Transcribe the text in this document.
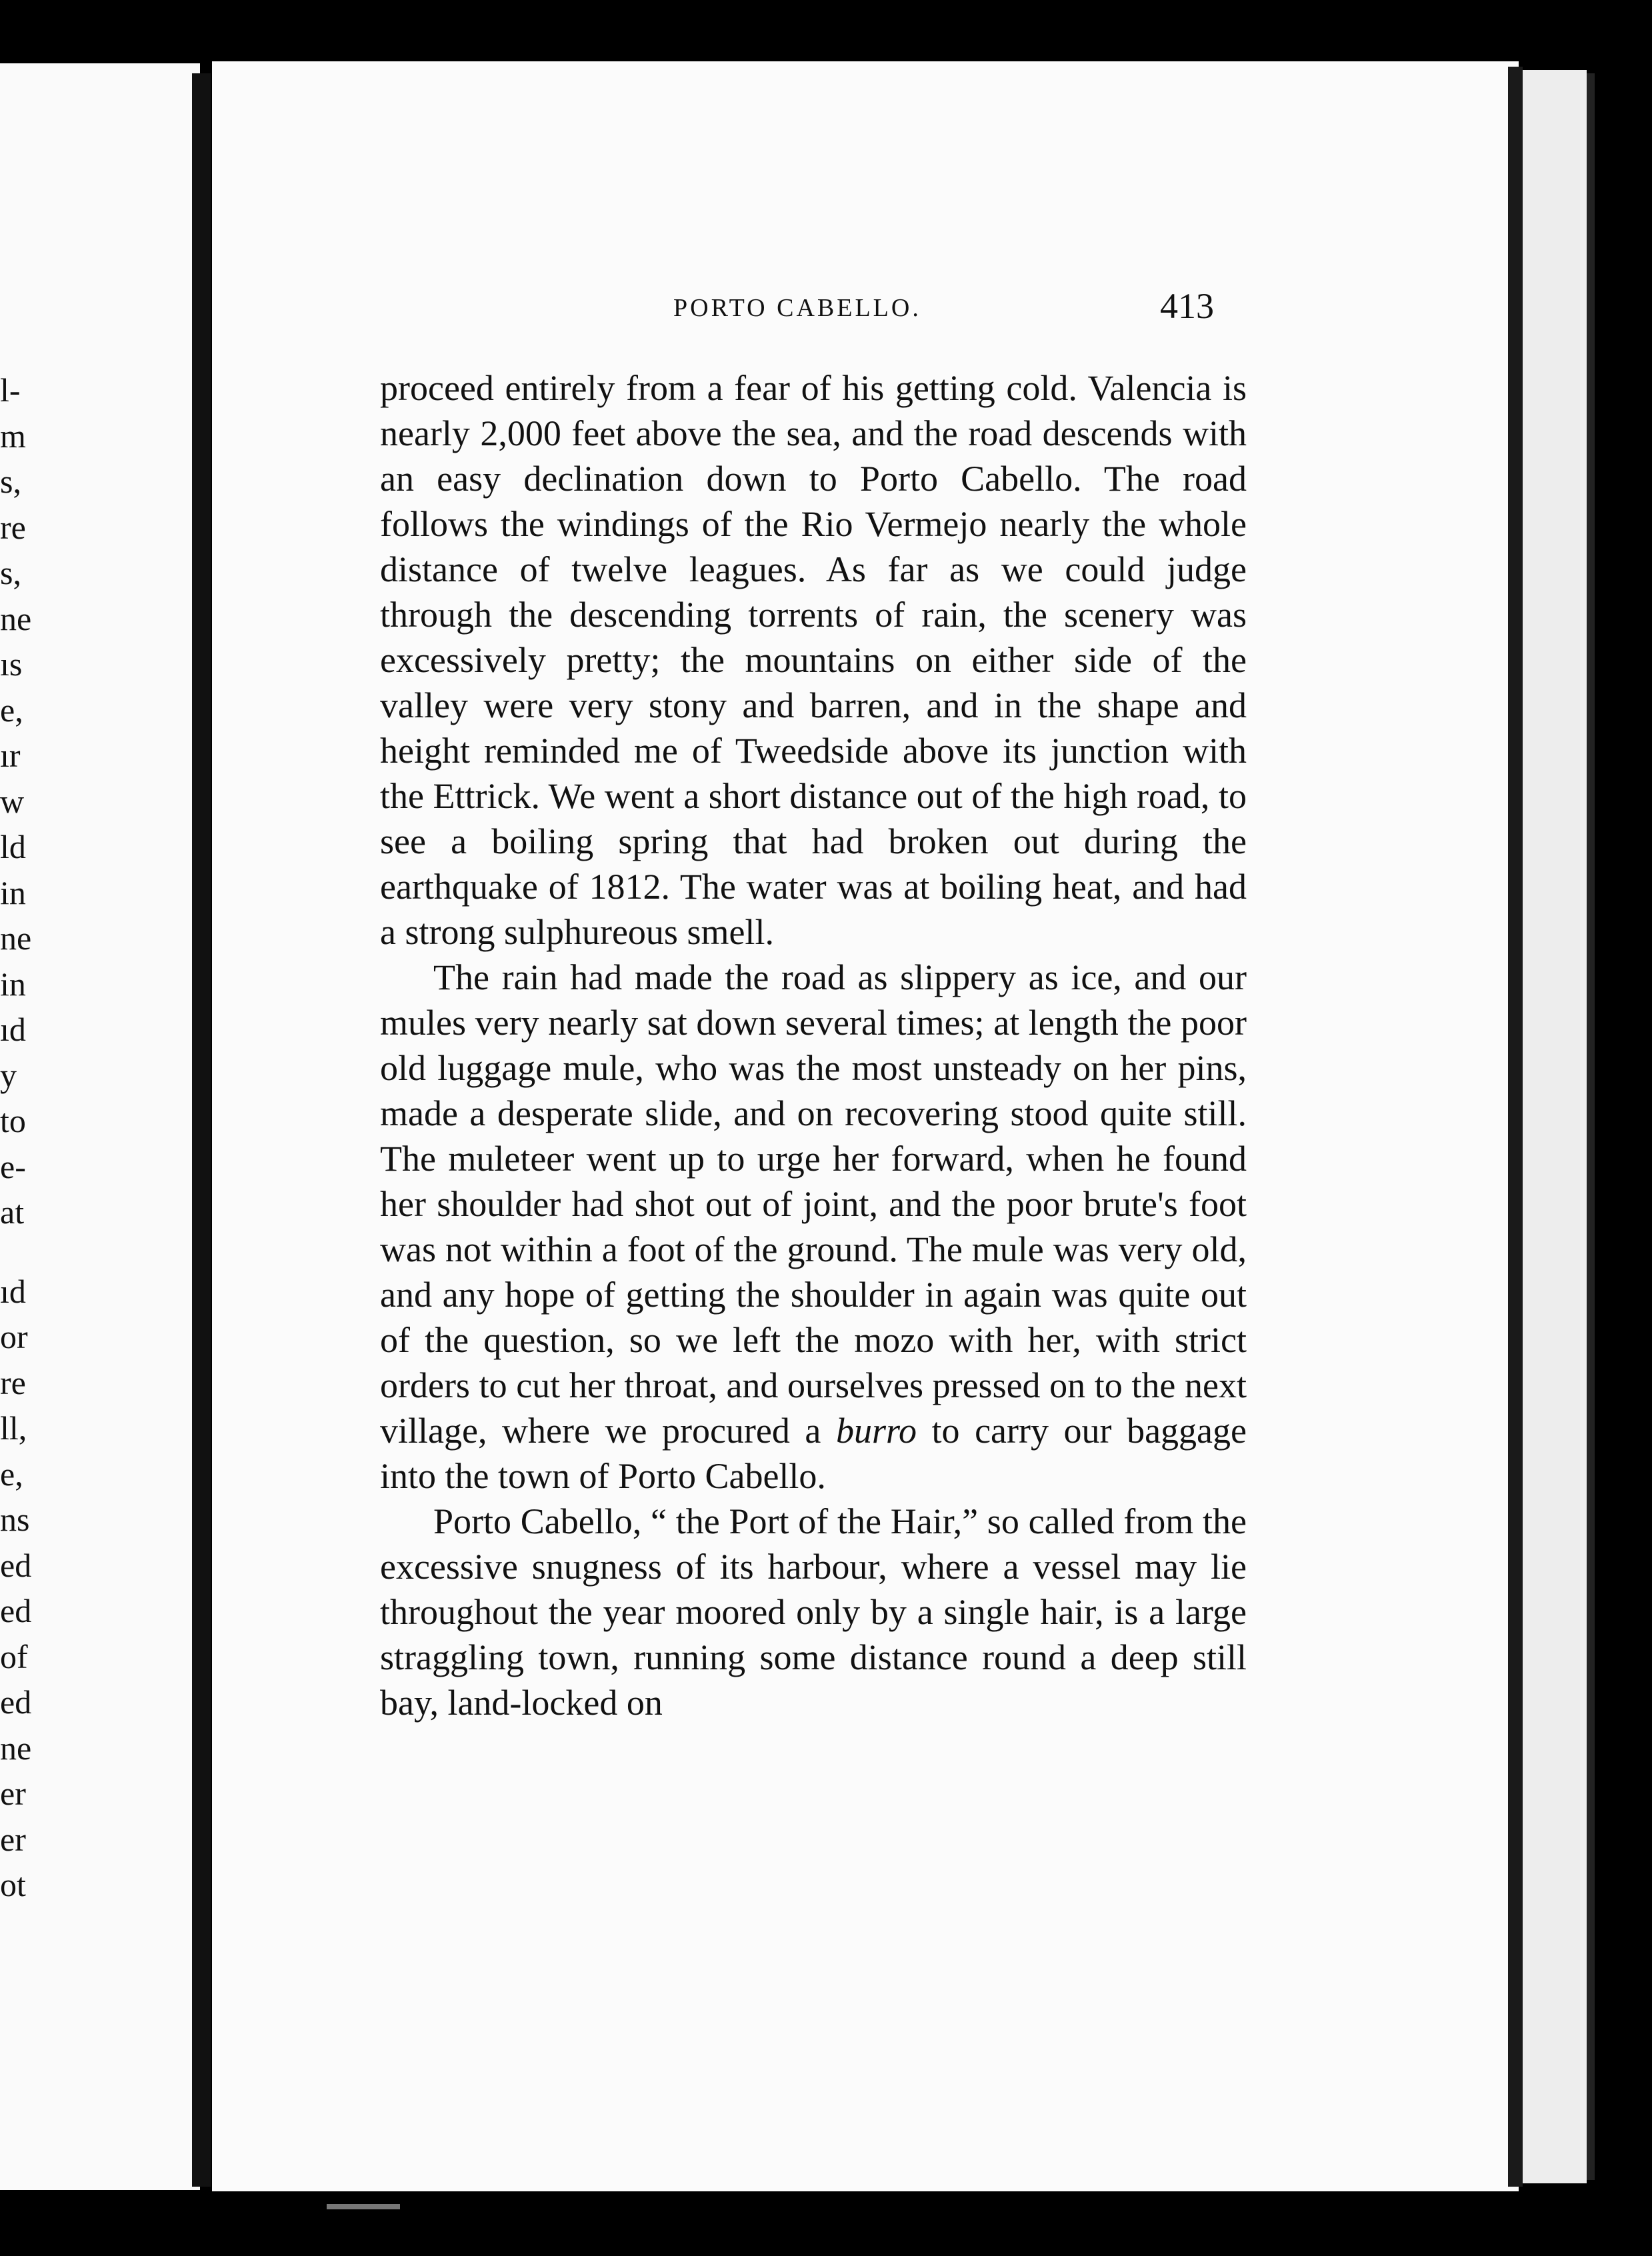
l-
m
s,
re
s,
ne
ıs
e,
ır
w
ld
in
ne
in
ıd
y
to
e-
at
ıd
or
re
ll,
e,
ns
ed
ed
of
ed
ne
er
er
ot
PORTO CABELLO.	413

proceed entirely from a fear of his getting cold. Valencia is nearly 2,000 feet above the sea, and the road descends with an easy declination down to Porto Cabello. The road follows the windings of the Rio Vermejo nearly the whole distance of twelve leagues. As far as we could judge through the descending torrents of rain, the scenery was excessively pretty; the mountains on either side of the valley were very stony and barren, and in the shape and height reminded me of Tweedside above its junction with the Ettrick. We went a short distance out of the high road, to see a boiling spring that had broken out during the earthquake of 1812. The water was at boiling heat, and had a strong sulphureous smell.

The rain had made the road as slippery as ice, and our mules very nearly sat down several times; at length the poor old luggage mule, who was the most unsteady on her pins, made a desperate slide, and on recovering stood quite still. The muleteer went up to urge her forward, when he found her shoulder had shot out of joint, and the poor brute's foot was not within a foot of the ground. The mule was very old, and any hope of getting the shoulder in again was quite out of the question, so we left the mozo with her, with strict orders to cut her throat, and ourselves pressed on to the next village, where we procured a burro to carry our baggage into the town of Porto Cabello.

Porto Cabello, “ the Port of the Hair,” so called from the excessive snugness of its harbour, where a vessel may lie throughout the year moored only by a single hair, is a large straggling town, running some distance round a deep still bay, land-locked on
